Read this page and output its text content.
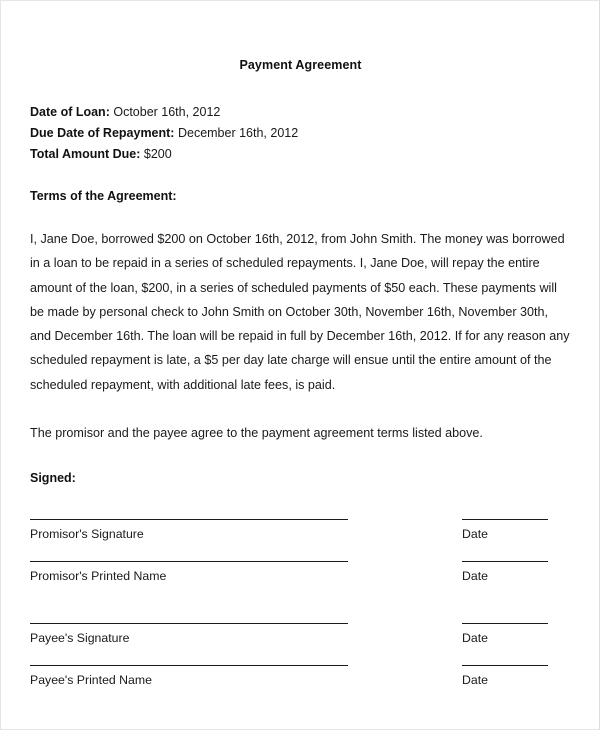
Payment Agreement
Date of Loan: October 16th, 2012
Due Date of Repayment: December 16th, 2012
Total Amount Due: $200
Terms of the Agreement:
I, Jane Doe, borrowed $200 on October 16th, 2012, from John Smith. The money was borrowed in a loan to be repaid in a series of scheduled repayments. I, Jane Doe, will repay the entire amount of the loan, $200, in a series of scheduled payments of $50 each. These payments will be made by personal check to John Smith on October 30th, November 16th, November 30th, and December 16th. The loan will be repaid in full by December 16th, 2012. If for any reason any scheduled repayment is late, a $5 per day late charge will ensue until the entire amount of the scheduled repayment, with additional late fees, is paid.
The promisor and the payee agree to the payment agreement terms listed above.
Signed:
Promisor's Signature	Date
Promisor's Printed Name	Date
Payee's Signature	Date
Payee's Printed Name	Date
